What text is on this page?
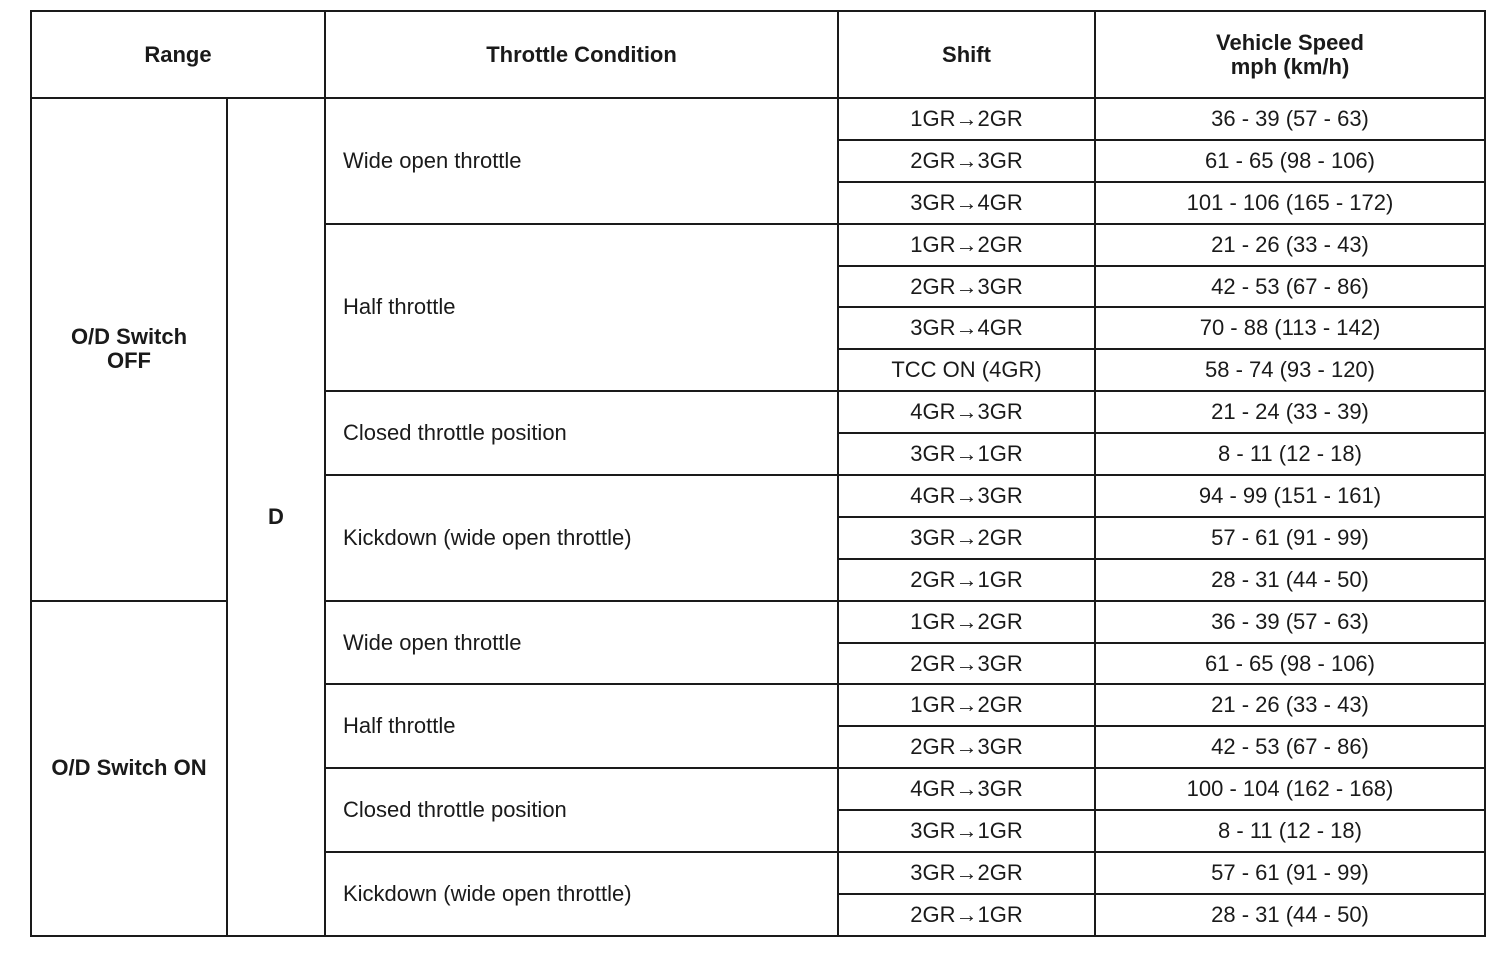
Range		Throttle Condition	Shift	Vehicle Speed
mph (km/h)

O/D Switch
OFF	D	Wide open throttle	1GR→2GR	36 - 39 (57 - 63)
			2GR→3GR	61 - 65 (98 - 106)
			3GR→4GR	101 - 106 (165 - 172)
		Half throttle	1GR→2GR	21 - 26 (33 - 43)
			2GR→3GR	42 - 53 (67 - 86)
			3GR→4GR	70 - 88 (113 - 142)
			TCC ON (4GR)	58 - 74 (93 - 120)
		Closed throttle position	4GR→3GR	21 - 24 (33 - 39)
			3GR→1GR	8 - 11 (12 - 18)
		Kickdown (wide open throttle)	4GR→3GR	94 - 99 (151 - 161)
			3GR→2GR	57 - 61 (91 - 99)
			2GR→1GR	28 - 31 (44 - 50)
O/D Switch ON		Wide open throttle	1GR→2GR	36 - 39 (57 - 63)
			2GR→3GR	61 - 65 (98 - 106)
		Half throttle	1GR→2GR	21 - 26 (33 - 43)
			2GR→3GR	42 - 53 (67 - 86)
		Closed throttle position	4GR→3GR	100 - 104 (162 - 168)
			3GR→1GR	8 - 11 (12 - 18)
		Kickdown (wide open throttle)	3GR→2GR	57 - 61 (91 - 99)
			2GR→1GR	28 - 31 (44 - 50)
